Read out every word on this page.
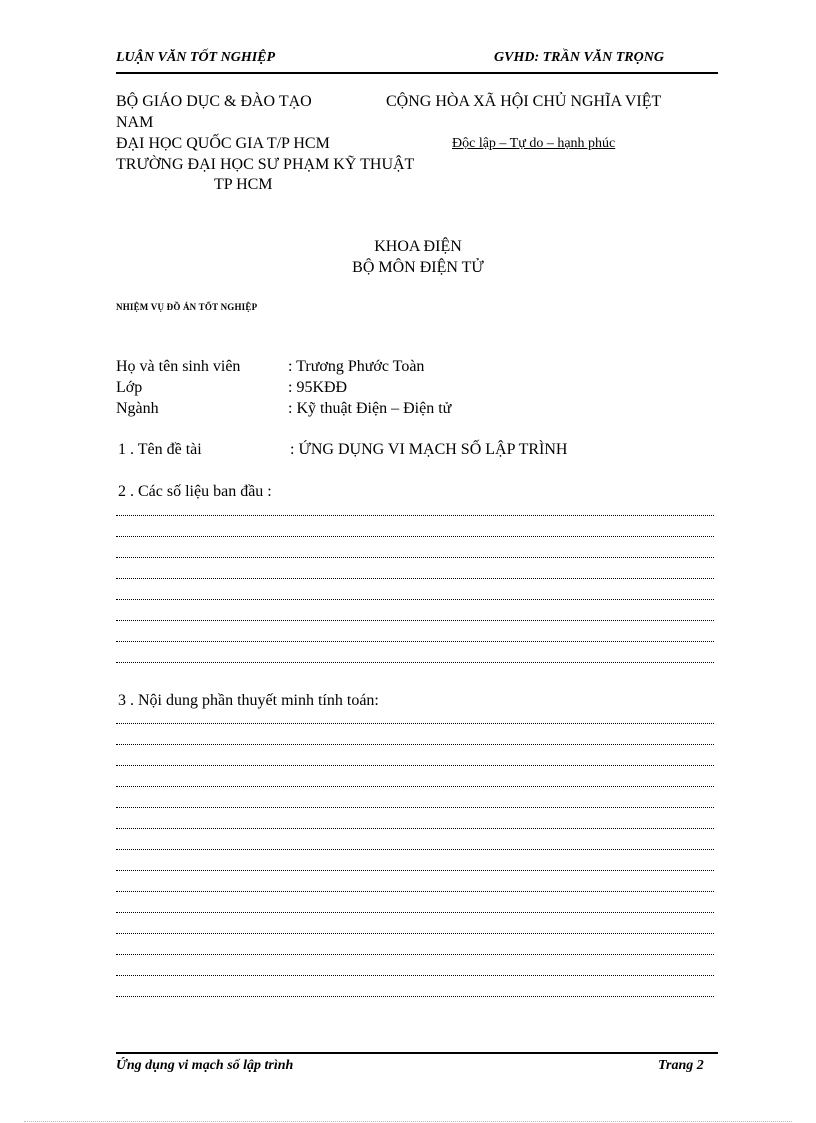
LUẬN VĂN TỐT NGHIỆP	GVHD: TRẦN VĂN TRỌNG
BỘ GIÁO DỤC & ĐÀO TẠO	CỘNG HÒA XÃ HỘI CHỦ NGHĨA VIỆT
NAM
ĐẠI HỌC QUỐC GIA T/P HCM	Độc lập – Tự do – hạnh phúc
TRƯỜNG ĐẠI HỌC SƯ PHẠM KỸ THUẬT
TP HCM
KHOA ĐIỆN
BỘ MÔN ĐIỆN TỬ
NHIỆM VỤ ĐỒ ÁN TỐT NGHIỆP
Họ và tên sinh viên	: Trương Phước Toàn
Lớp	: 95KĐĐ
Ngành	: Kỹ thuật Điện – Điện tử
1 . Tên đề tài	: ỨNG DỤNG VI MẠCH SỐ LẬP TRÌNH
2 . Các số liệu ban đầu :
3 . Nội dung phần thuyết minh tính toán:
Ứng dụng vi mạch số lập trình	Trang 2
